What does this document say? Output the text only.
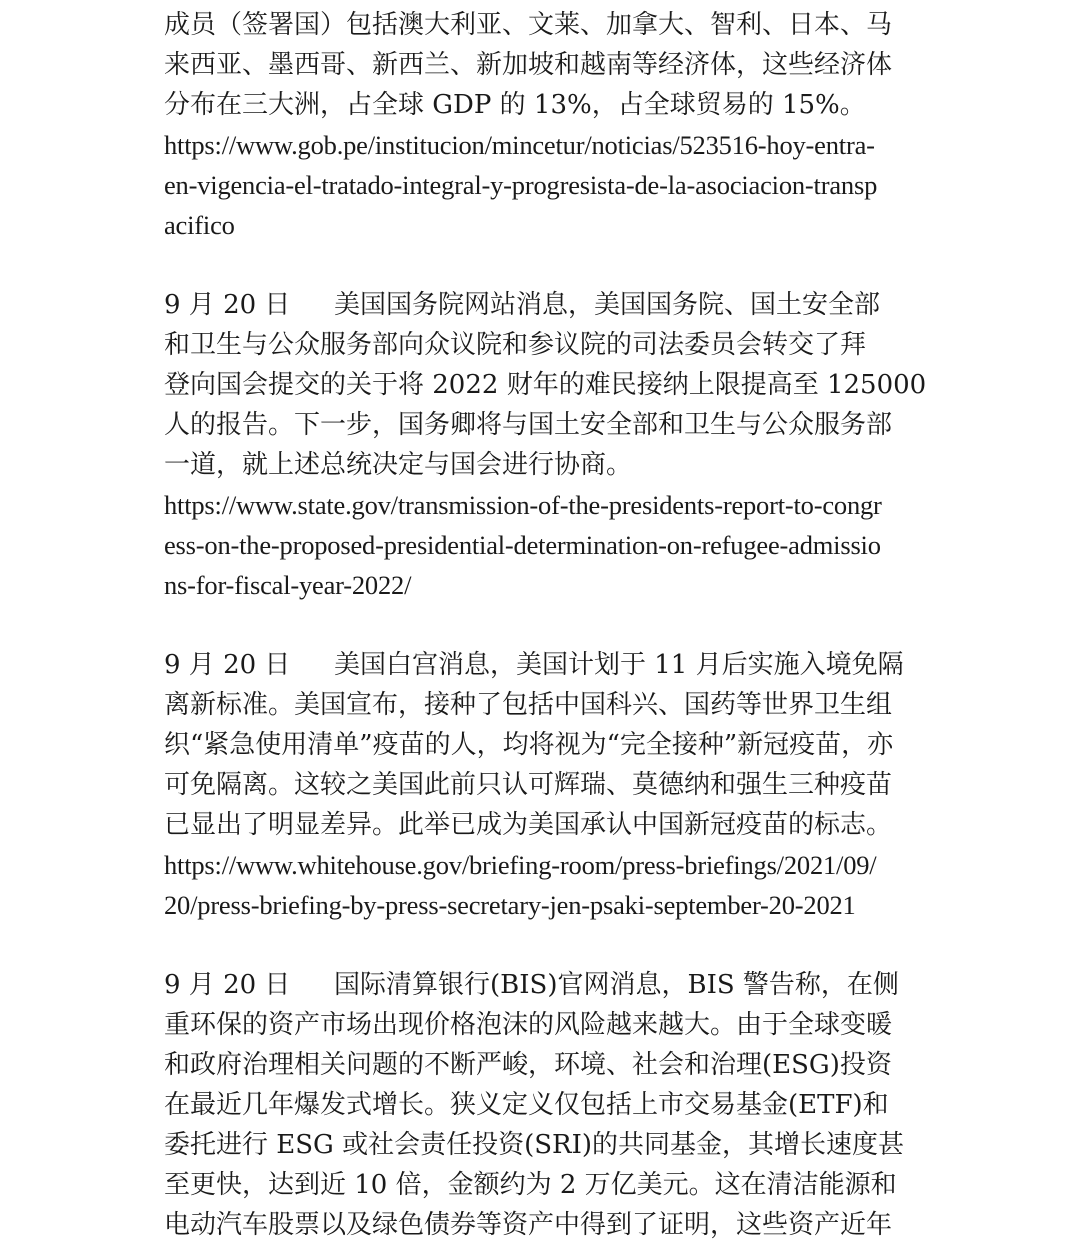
成员（签署国）包括澳大利亚、文莱、加拿大、智利、日本、马
来西亚、墨西哥、新西兰、新加坡和越南等经济体，这些经济体
分布在三大洲，占全球 GDP 的 13%，占全球贸易的 15%。
https://www.gob.pe/institucion/mincetur/noticias/523516-hoy-entra-
en-vigencia-el-tratado-integral-y-progresista-de-la-asociacion-transp
acifico
9 月 20 日 美国国务院网站消息，美国国务院、国土安全部
和卫生与公众服务部向众议院和参议院的司法委员会转交了拜
登向国会提交的关于将 2022 财年的难民接纳上限提高至 125000
人的报告。下一步，国务卿将与国土安全部和卫生与公众服务部
一道，就上述总统决定与国会进行协商。
https://www.state.gov/transmission-of-the-presidents-report-to-congr
ess-on-the-proposed-presidential-determination-on-refugee-admissio
ns-for-fiscal-year-2022/
9 月 20 日 美国白宫消息，美国计划于 11 月后实施入境免隔
离新标准。美国宣布，接种了包括中国科兴、国药等世界卫生组
织“紧急使用清单”疫苗的人，均将视为“完全接种”新冠疫苗，亦
可免隔离。这较之美国此前只认可辉瑞、莫德纳和强生三种疫苗
已显出了明显差异。此举已成为美国承认中国新冠疫苗的标志。
https://www.whitehouse.gov/briefing-room/press-briefings/2021/09/
20/press-briefing-by-press-secretary-jen-psaki-september-20-2021
9 月 20 日 国际清算银行(BIS)官网消息，BIS 警告称，在侧
重环保的资产市场出现价格泡沫的风险越来越大。由于全球变暖
和政府治理相关问题的不断严峻，环境、社会和治理(ESG)投资
在最近几年爆发式增长。狭义定义仅包括上市交易基金(ETF)和
委托进行 ESG 或社会责任投资(SRI)的共同基金，其增长速度甚
至更快，达到近 10 倍，金额约为 2 万亿美元。这在清洁能源和
电动汽车股票以及绿色债券等资产中得到了证明，这些资产近年
